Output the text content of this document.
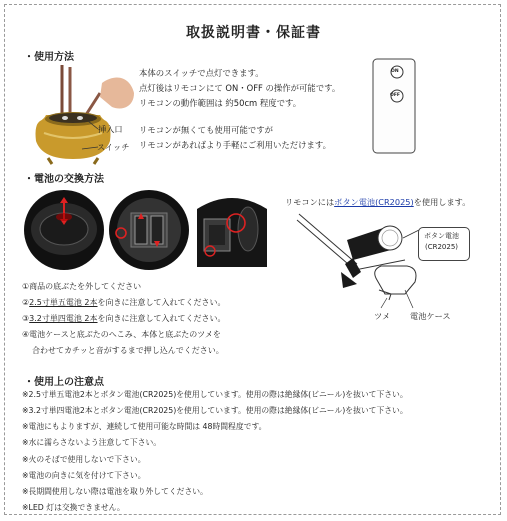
取扱説明書・保証書
・使用方法
挿入口
スイッチ
本体のスイッチで点灯できます。
点灯後はリモコンにて ON・OFF の操作が可能です。
リモコンの動作範囲は 約50cm 程度です。
リモコンが無くても使用可能ですが
リモコンがあればより手軽にご利用いただけます。
ON
OFF
・電池の交換方法
リモコンにはボタン電池(CR2025)を使用します。
ボタン電池
(CR2025)
ツメ 電池ケース
①商品の底ぶたを外してください
②2.5寸単五電池 2本を向きに注意して入れてください。
③3.2寸単四電池 2本を向きに注意して入れてください。
④電池ケースと底ぶたのへこみ、本体と底ぶたのツメを
合わせてカチッと音がするまで押し込んでください。
・使用上の注意点
※2.5寸単五電池2本とボタン電池(CR2025)を使用しています。使用の際は絶縁体(ビニール)を抜いて下さい。
※3.2寸単四電池2本とボタン電池(CR2025)を使用しています。使用の際は絶縁体(ビニール)を抜いて下さい。
※電池にもよりますが、連続して使用可能な時間は 48時間程度です。
※水に濡らさないよう注意して下さい。
※火のそばで使用しないで下さい。
※電池の向きに気を付けて下さい。
※長期間使用しない際は電池を取り外してください。
※LED 灯は交換できません。
